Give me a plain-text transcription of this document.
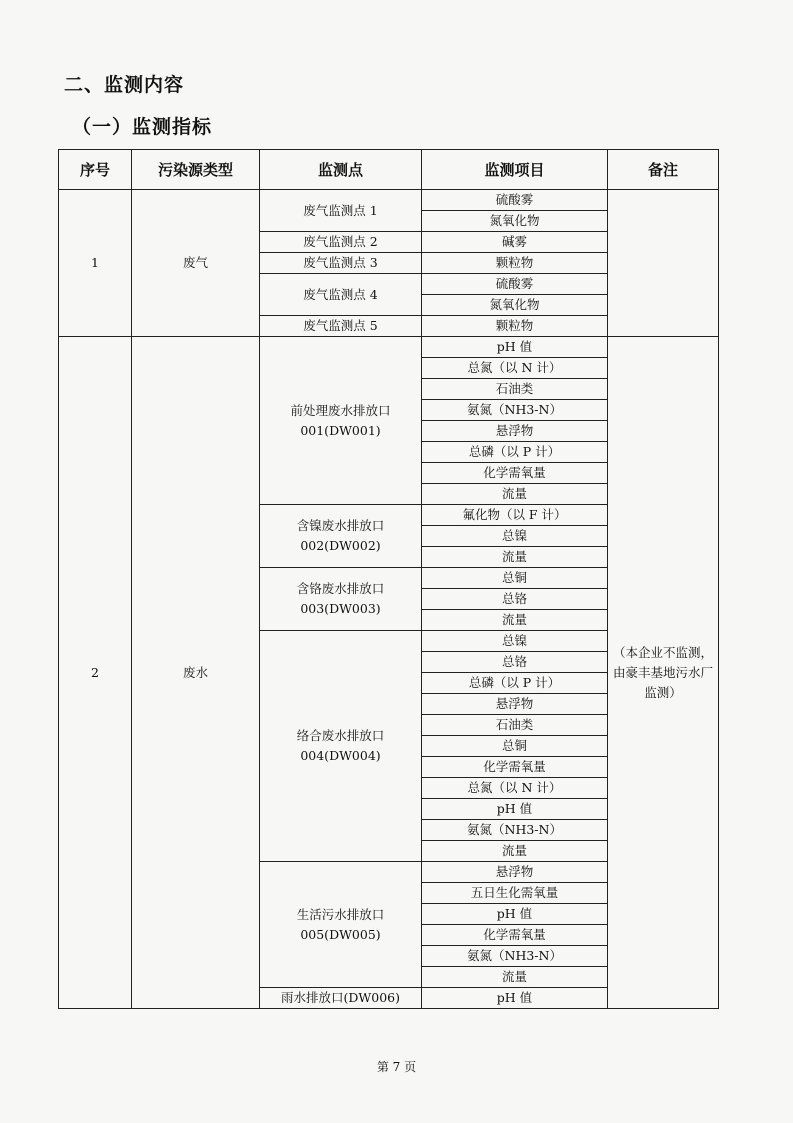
二、监测内容
（一）监测指标
序号	污染源类型	监测点	监测项目	备注
1	废气	废气监测点 1	硫酸雾	
			氮氧化物	
		废气监测点 2	碱雾	
		废气监测点 3	颗粒物	
		废气监测点 4	硫酸雾	
			氮氧化物	
		废气监测点 5	颗粒物	
2	废水	前处理废水排放口001(DW001)	pH 值	（本企业不监测，由豪丰基地污水厂监测）
			总氮（以 N 计）	
			石油类	
			氨氮（NH3-N）	
			悬浮物	
			总磷（以 P 计）	
			化学需氧量	
			流量	
		含镍废水排放口002(DW002)	氟化物（以 F 计）	
			总镍	
			流量	
		含铬废水排放口003(DW003)	总铜	
			总铬	
			流量	
		络合废水排放口004(DW004)	总镍	
			总铬	
			总磷（以 P 计）	
			悬浮物	
			石油类	
			总铜	
			化学需氧量	
			总氮（以 N 计）	
			pH 值	
			氨氮（NH3-N）	
			流量	
		生活污水排放口005(DW005)	悬浮物	
			五日生化需氧量	
			pH 值	
			化学需氧量	
			氨氮（NH3-N）	
			流量	
		雨水排放口(DW006)	pH 值	
第 7 页
